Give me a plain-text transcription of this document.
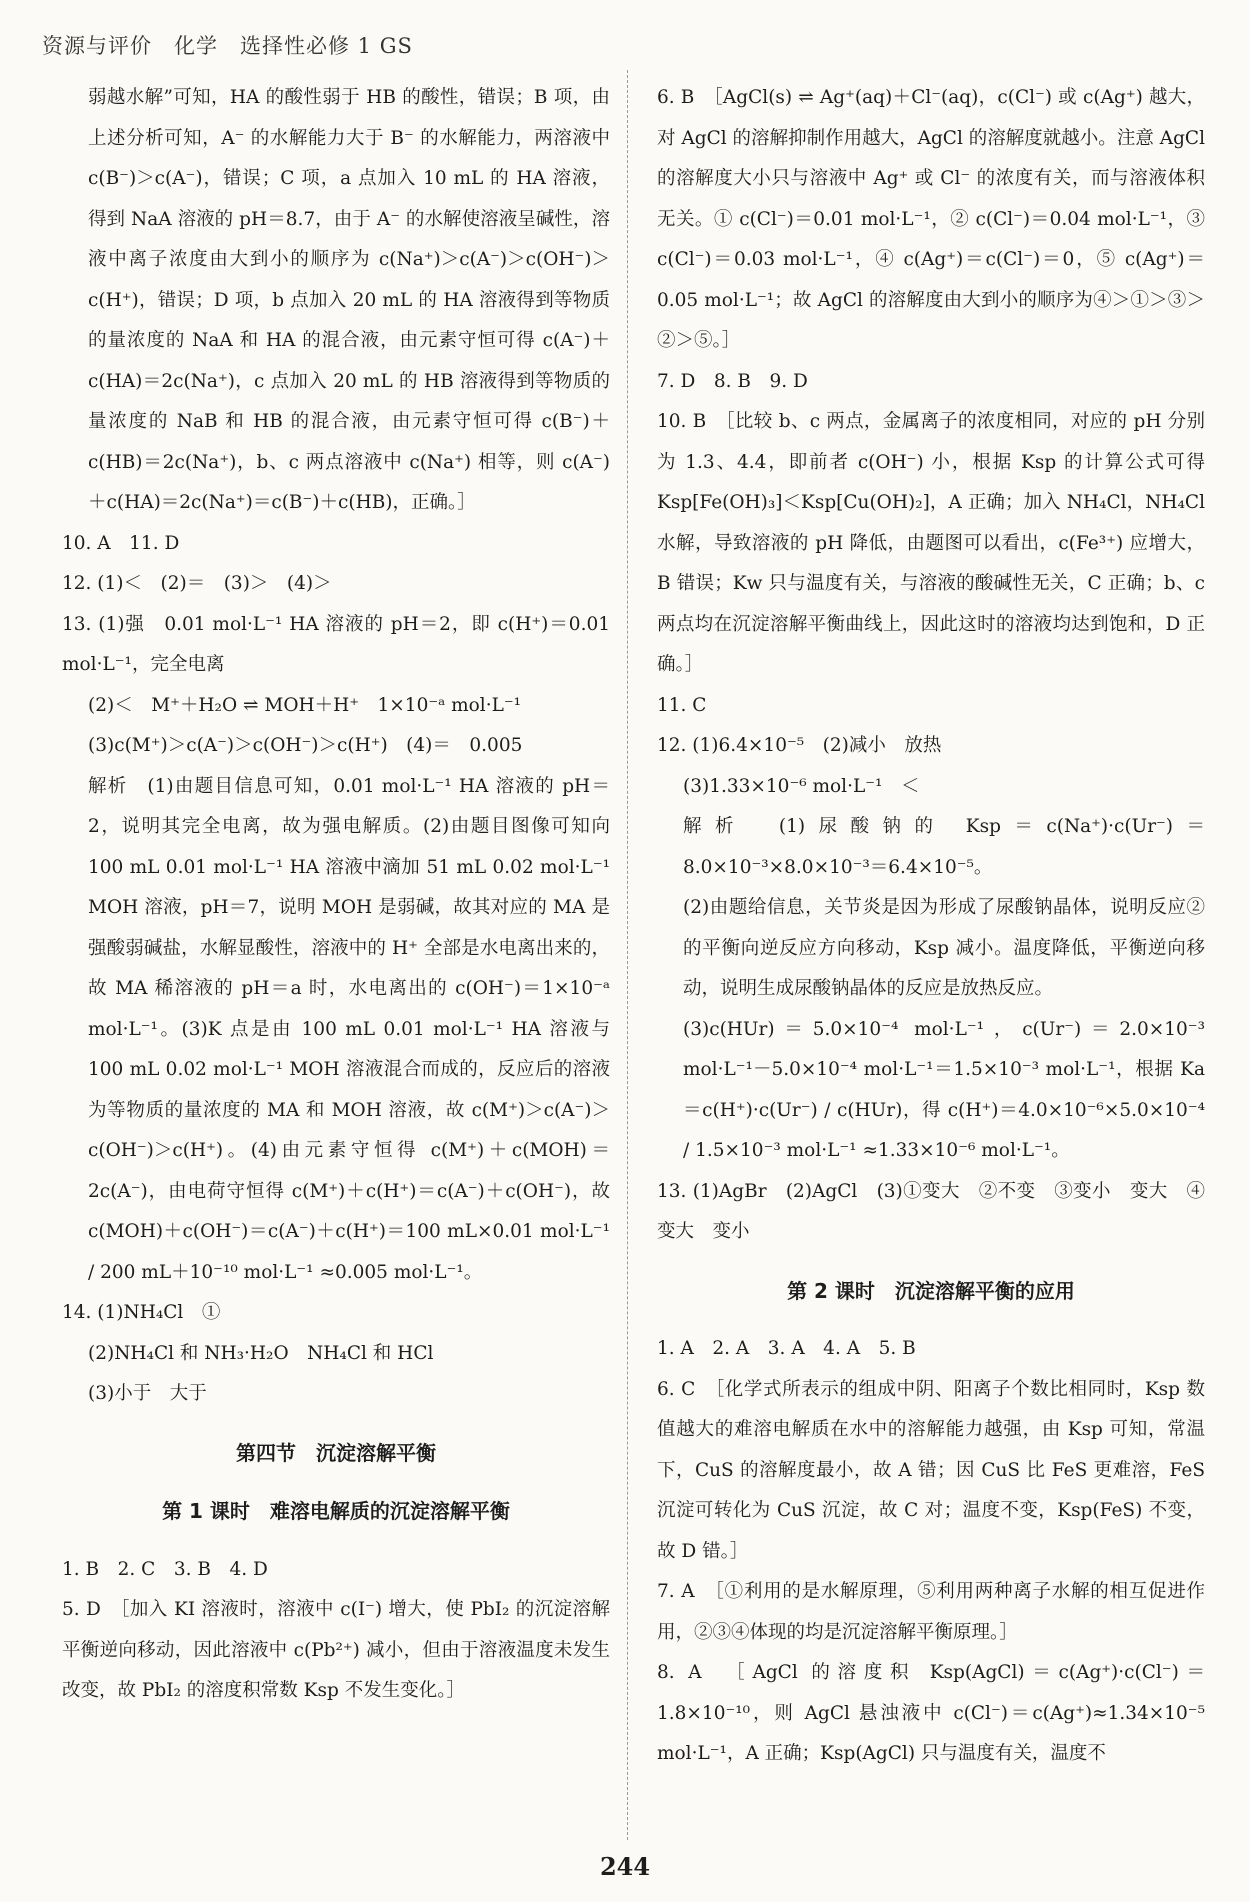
资源与评价　化学　选择性必修 1 GS
弱越水解”可知，HA 的酸性弱于 HB 的酸性，错误；B 项，由上述分析可知，A⁻ 的水解能力大于 B⁻ 的水解能力，两溶液中 c(B⁻)＞c(A⁻)，错误；C 项，a 点加入 10 mL 的 HA 溶液，得到 NaA 溶液的 pH＝8.7，由于 A⁻ 的水解使溶液呈碱性，溶液中离子浓度由大到小的顺序为 c(Na⁺)＞c(A⁻)＞c(OH⁻)＞c(H⁺)，错误；D 项，b 点加入 20 mL 的 HA 溶液得到等物质的量浓度的 NaA 和 HA 的混合液，由元素守恒可得 c(A⁻)＋c(HA)＝2c(Na⁺)，c 点加入 20 mL 的 HB 溶液得到等物质的量浓度的 NaB 和 HB 的混合液，由元素守恒可得 c(B⁻)＋c(HB)＝2c(Na⁺)，b、c 两点溶液中 c(Na⁺) 相等，则 c(A⁻)＋c(HA)＝2c(Na⁺)＝c(B⁻)＋c(HB)，正确。］
10. A　11. D
12. (1)＜　(2)＝　(3)＞　(4)＞
13. (1)强　0.01 mol·L⁻¹ HA 溶液的 pH＝2，即 c(H⁺)＝0.01 mol·L⁻¹，完全电离
(2)＜　M⁺＋H₂O ⇌ MOH＋H⁺　1×10⁻ᵃ mol·L⁻¹
(3)c(M⁺)＞c(A⁻)＞c(OH⁻)＞c(H⁺)　(4)＝　0.005
解析　(1)由题目信息可知，0.01 mol·L⁻¹ HA 溶液的 pH＝2，说明其完全电离，故为强电解质。(2)由题目图像可知向 100 mL 0.01 mol·L⁻¹ HA 溶液中滴加 51 mL 0.02 mol·L⁻¹ MOH 溶液，pH＝7，说明 MOH 是弱碱，故其对应的 MA 是强酸弱碱盐，水解显酸性，溶液中的 H⁺ 全部是水电离出来的，故 MA 稀溶液的 pH＝a 时，水电离出的 c(OH⁻)＝1×10⁻ᵃ mol·L⁻¹。(3)K 点是由 100 mL 0.01 mol·L⁻¹ HA 溶液与 100 mL 0.02 mol·L⁻¹ MOH 溶液混合而成的，反应后的溶液为等物质的量浓度的 MA 和 MOH 溶液，故 c(M⁺)＞c(A⁻)＞c(OH⁻)＞c(H⁺)。(4)由元素守恒得 c(M⁺)＋c(MOH)＝2c(A⁻)，由电荷守恒得 c(M⁺)＋c(H⁺)＝c(A⁻)＋c(OH⁻)，故 c(MOH)＋c(OH⁻)＝c(A⁻)＋c(H⁺)＝100 mL×0.01 mol·L⁻¹ / 200 mL＋10⁻¹⁰ mol·L⁻¹ ≈0.005 mol·L⁻¹。
14. (1)NH₄Cl　①
(2)NH₄Cl 和 NH₃·H₂O　NH₄Cl 和 HCl
(3)小于　大于
第四节　沉淀溶解平衡
第 1 课时　难溶电解质的沉淀溶解平衡
1. B　2. C　3. B　4. D
5. D　［加入 KI 溶液时，溶液中 c(I⁻) 增大，使 PbI₂ 的沉淀溶解平衡逆向移动，因此溶液中 c(Pb²⁺) 减小，但由于溶液温度未发生改变，故 PbI₂ 的溶度积常数 Ksp 不发生变化。］
6. B　［AgCl(s) ⇌ Ag⁺(aq)＋Cl⁻(aq)，c(Cl⁻) 或 c(Ag⁺) 越大，对 AgCl 的溶解抑制作用越大，AgCl 的溶解度就越小。注意 AgCl 的溶解度大小只与溶液中 Ag⁺ 或 Cl⁻ 的浓度有关，而与溶液体积无关。① c(Cl⁻)＝0.01 mol·L⁻¹，② c(Cl⁻)＝0.04 mol·L⁻¹，③ c(Cl⁻)＝0.03 mol·L⁻¹，④ c(Ag⁺)＝c(Cl⁻)＝0，⑤ c(Ag⁺)＝0.05 mol·L⁻¹；故 AgCl 的溶解度由大到小的顺序为④＞①＞③＞②＞⑤。］
7. D　8. B　9. D
10. B　［比较 b、c 两点，金属离子的浓度相同，对应的 pH 分别为 1.3、4.4，即前者 c(OH⁻) 小，根据 Ksp 的计算公式可得 Ksp[Fe(OH)₃]＜Ksp[Cu(OH)₂]，A 正确；加入 NH₄Cl，NH₄Cl 水解，导致溶液的 pH 降低，由题图可以看出，c(Fe³⁺) 应增大，B 错误；Kw 只与温度有关，与溶液的酸碱性无关，C 正确；b、c 两点均在沉淀溶解平衡曲线上，因此这时的溶液均达到饱和，D 正确。］
11. C
12. (1)6.4×10⁻⁵　(2)减小　放热
(3)1.33×10⁻⁶ mol·L⁻¹　＜
解析　(1)尿酸钠的 Ksp＝c(Na⁺)·c(Ur⁻)＝8.0×10⁻³×8.0×10⁻³＝6.4×10⁻⁵。
(2)由题给信息，关节炎是因为形成了尿酸钠晶体，说明反应②的平衡向逆反应方向移动，Ksp 减小。温度降低，平衡逆向移动，说明生成尿酸钠晶体的反应是放热反应。
(3)c(HUr)＝5.0×10⁻⁴ mol·L⁻¹，c(Ur⁻)＝2.0×10⁻³ mol·L⁻¹－5.0×10⁻⁴ mol·L⁻¹＝1.5×10⁻³ mol·L⁻¹，根据 Ka＝c(H⁺)·c(Ur⁻) / c(HUr)，得 c(H⁺)＝4.0×10⁻⁶×5.0×10⁻⁴ / 1.5×10⁻³ mol·L⁻¹ ≈1.33×10⁻⁶ mol·L⁻¹。
13. (1)AgBr　(2)AgCl　(3)①变大　②不变　③变小　变大　④变大　变小
第 2 课时　沉淀溶解平衡的应用
1. A　2. A　3. A　4. A　5. B
6. C　［化学式所表示的组成中阴、阳离子个数比相同时，Ksp 数值越大的难溶电解质在水中的溶解能力越强，由 Ksp 可知，常温下，CuS 的溶解度最小，故 A 错；因 CuS 比 FeS 更难溶，FeS 沉淀可转化为 CuS 沉淀，故 C 对；温度不变，Ksp(FeS) 不变，故 D 错。］
7. A　［①利用的是水解原理，⑤利用两种离子水解的相互促进作用，②③④体现的均是沉淀溶解平衡原理。］
8. A　［AgCl 的溶度积 Ksp(AgCl)＝c(Ag⁺)·c(Cl⁻)＝1.8×10⁻¹⁰，则 AgCl 悬浊液中 c(Cl⁻)＝c(Ag⁺)≈1.34×10⁻⁵ mol·L⁻¹，A 正确；Ksp(AgCl) 只与温度有关，温度不
244
